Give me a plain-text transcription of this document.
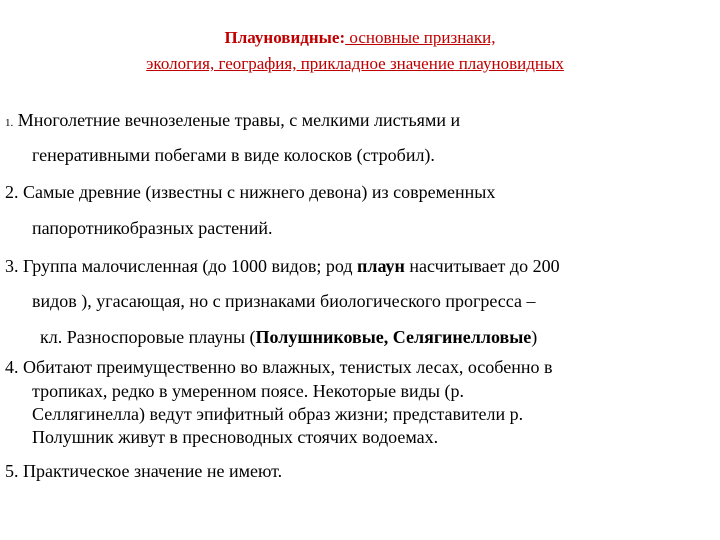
Плауновидные: основные признаки,
экология, география, прикладное значение плауновидных
1. Многолетние вечнозеленые травы, с мелкими листьями и
генеративными побегами в виде колосков (стробил).
2. Самые древние (известны с нижнего девона) из современных
папоротникобразных растений.
3. Группа малочисленная (до 1000 видов; род плаун насчитывает до 200
видов ), угасающая, но с признаками биологического прогресса –
кл. Разноспоровые плауны (Полушниковые, Селягинелловые)
4. Обитают преимущественно во влажных, тенистых лесах, особенно в
тропиках, редко в умеренном поясе. Некоторые виды (р.
Селлягинелла) ведут эпифитный образ жизни; представители р.
Полушник живут в пресноводных стоячих водоемах.
5. Практическое значение не имеют.
